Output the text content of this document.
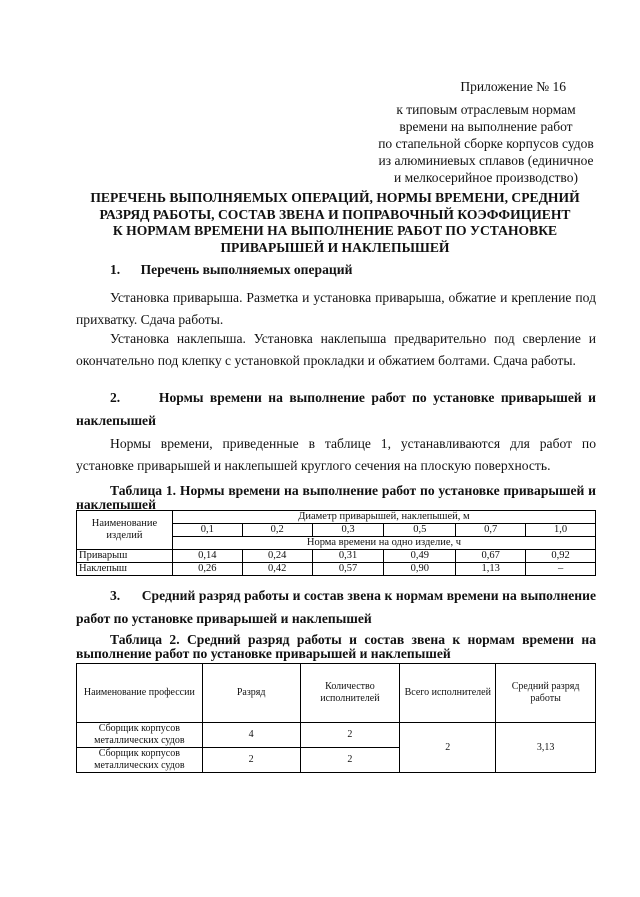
Приложение № 16
к типовым отраслевым нормам
времени на выполнение работ
по стапельной сборке корпусов судов
из алюминиевых сплавов (единичное
и мелкосерийное производство)
ПЕРЕЧЕНЬ ВЫПОЛНЯЕМЫХ ОПЕРАЦИЙ, НОРМЫ ВРЕМЕНИ, СРЕДНИЙ
РАЗРЯД РАБОТЫ, СОСТАВ ЗВЕНА И ПОПРАВОЧНЫЙ КОЭФФИЦИЕНТ
К НОРМАМ ВРЕМЕНИ НА ВЫПОЛНЕНИЕ РАБОТ ПО УСТАНОВКЕ
ПРИВАРЫШЕЙ И НАКЛЕПЫШЕЙ
1.      Перечень выполняемых операций
Установка приварыша. Разметка и установка приварыша, обжатие и крепление под прихватку. Сдача работы.
Установка наклепыша. Установка наклепыша предварительно под сверление и окончательно под клепку с установкой прокладки и обжатием болтами. Сдача работы.
2.      Нормы времени на выполнение работ по установке приварышей и наклепышей
Нормы времени, приведенные в таблице 1, устанавливаются для работ по установке приварышей и наклепышей круглого сечения на плоскую поверхность.
Таблица 1. Нормы времени на выполнение работ по установке приварышей и наклепышей
Наименование изделий	Диаметр приварышей, наклепышей, м					
	0,1	0,2	0,3	0,5	0,7	1,0
	Норма времени на одно изделие, ч					
Приварыш	0,14	0,24	0,31	0,49	0,67	0,92
Наклепыш	0,26	0,42	0,57	0,90	1,13	–
3.      Средний разряд работы и состав звена к нормам времени на выполнение работ по установке приварышей и наклепышей
Таблица 2. Средний разряд работы и состав звена к нормам времени на выполнение работ по установке приварышей и наклепышей
Наименование профессии	Разряд	Количество исполнителей	Всего исполнителей	Средний разряд работы
Сборщик корпусов металлических судов	4	2	2	3,13
Сборщик корпусов металлических судов	2	2		
